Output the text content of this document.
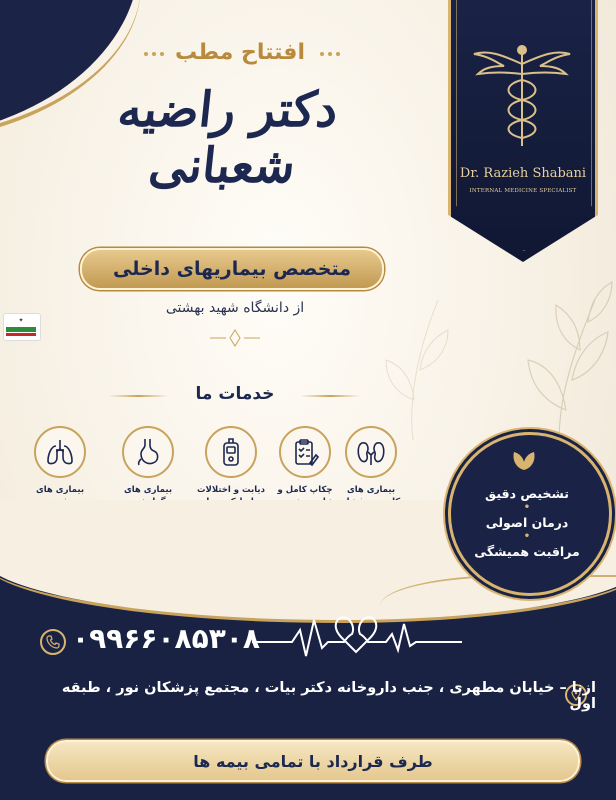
Dr. Razieh Shabani
INTERNAL MEDICINE SPECIALIST
افتتاح مطب
دکتر راضیه شعبانی
متخصص بیماریهای داخلی
از دانشگاه شهید بهشتی
✦
خدمات ما
بیماری های
چکاپ کامل و
دیابت و اختلالات
بیماری های
بیماری های	تشخیص دقیق
•
درمان اصولی
•
مراقبت همیشگی
۰۹۹۶۶۰۸۵۳۰۸
ازنا – خیابان مطهری ، جنب داروخانه دکتر بیات ، مجتمع پزشکان نور ، طبقه اول
طرف قرارداد با تمامی بیمه ها
